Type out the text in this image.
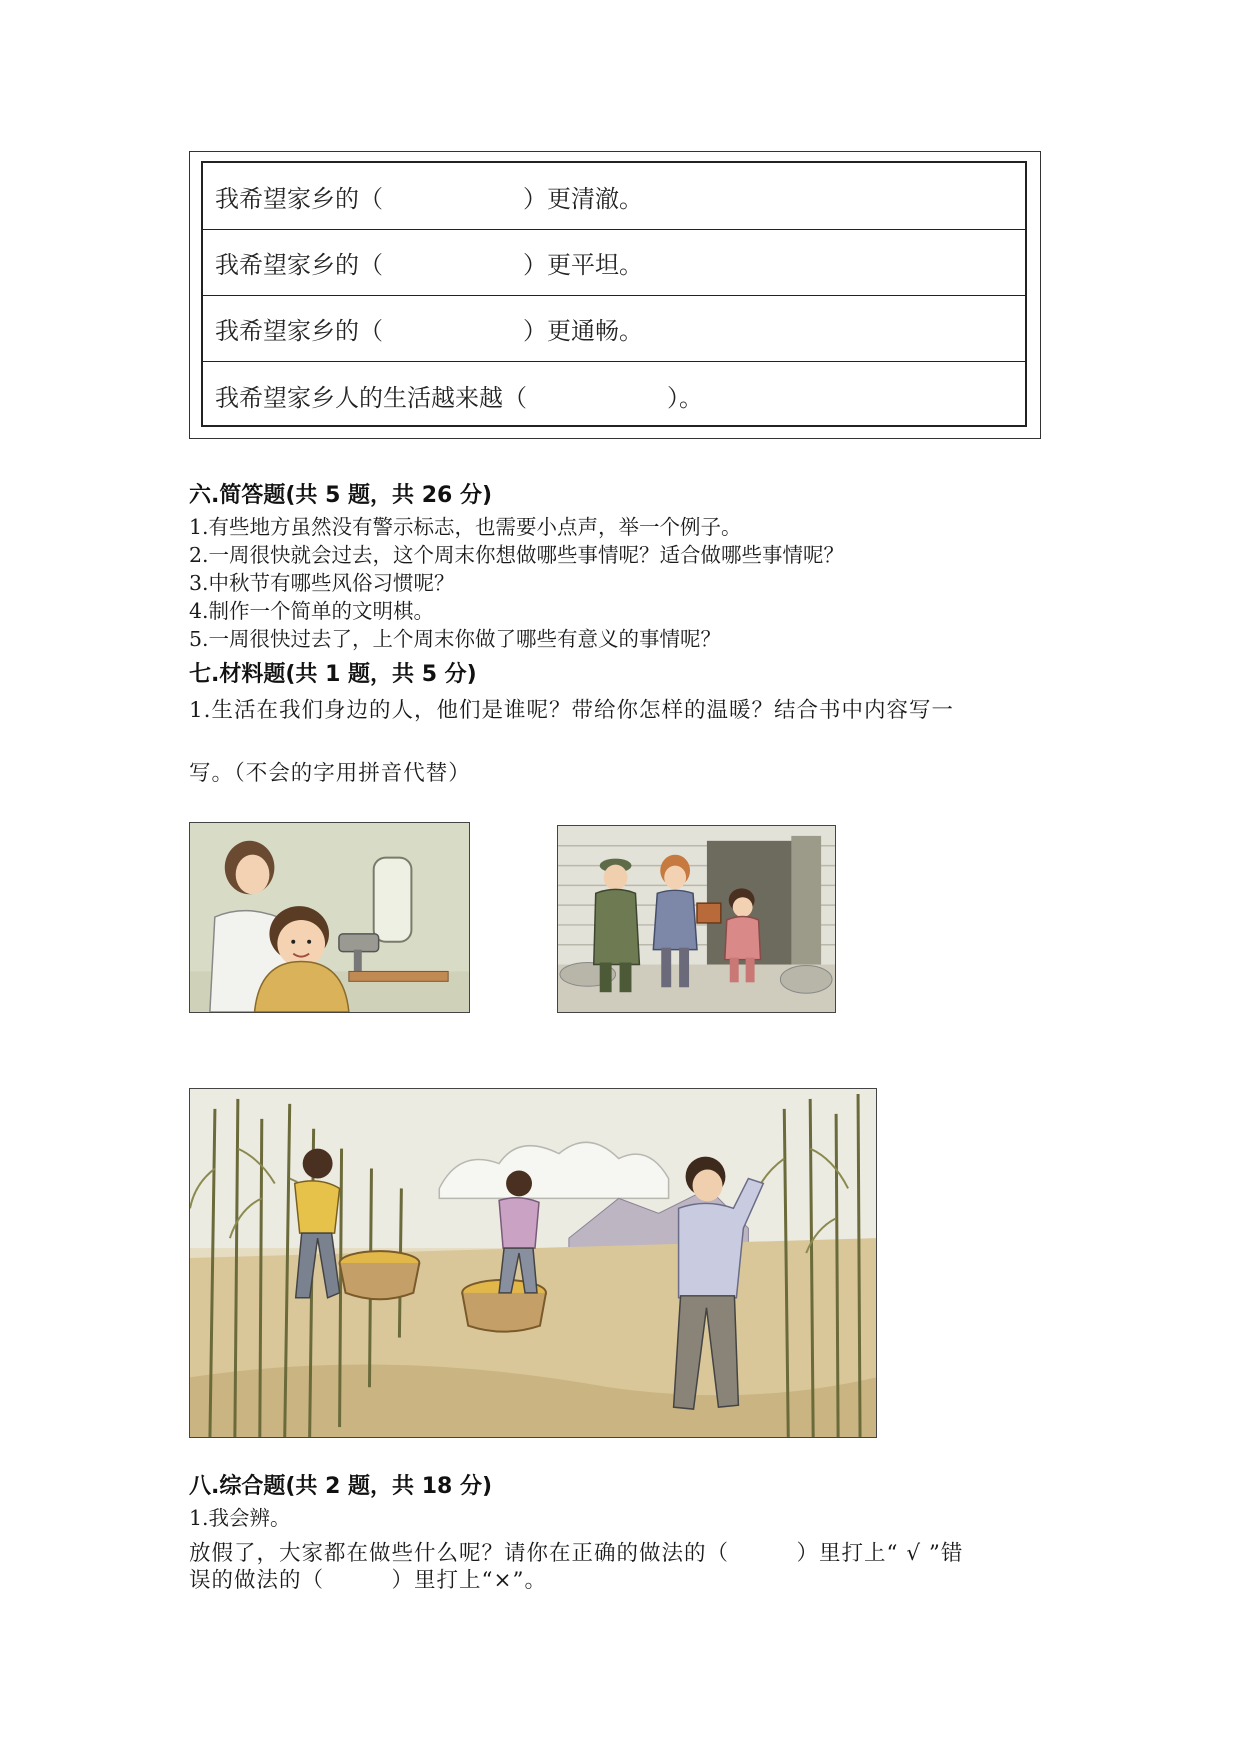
我希望家乡的（	）更清澈。
我希望家乡的（	）更平坦。
我希望家乡的（	）更通畅。
我希望家乡人的生活越来越（	）。
六.简答题(共 5 题，共 26 分)
1.有些地方虽然没有警示标志，也需要小点声，举一个例子。
2.一周很快就会过去，这个周末你想做哪些事情呢？适合做哪些事情呢？
3.中秋节有哪些风俗习惯呢？
4.制作一个简单的文明棋。
5.一周很快过去了，上个周末你做了哪些有意义的事情呢？
七.材料题(共 1 题，共 5 分)
1.生活在我们身边的人，他们是谁呢？带给你怎样的温暖？结合书中内容写一
写。（不会的字用拼音代替）
八.综合题(共 2 题，共 18 分)
1.我会辨。
放假了，大家都在做些什么呢？请你在正确的做法的（　　　）里打上“ √ ”错
误的做法的（　　　）里打上“×”。
